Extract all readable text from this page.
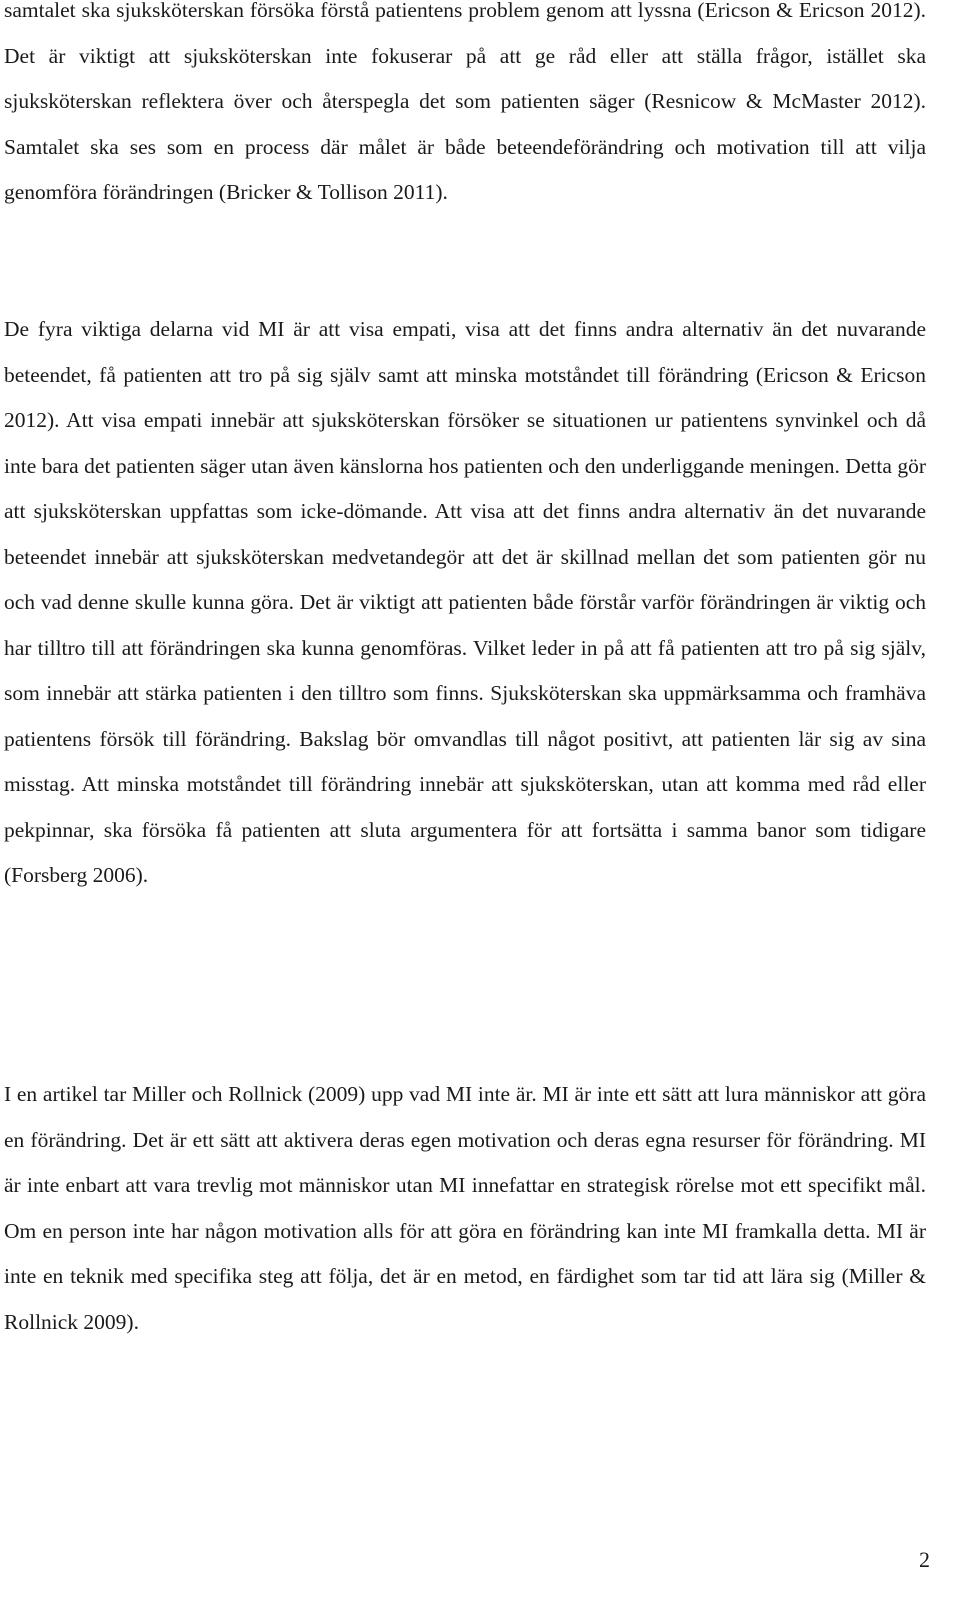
samtalet ska sjuksköterskan försöka förstå patientens problem genom att lyssna (Ericson & Ericson 2012). Det är viktigt att sjuksköterskan inte fokuserar på att ge råd eller att ställa frågor, istället ska sjuksköterskan reflektera över och återspegla det som patienten säger (Resnicow & McMaster 2012). Samtalet ska ses som en process där målet är både beteendeförändring och motivation till att vilja genomföra förändringen (Bricker & Tollison 2011).

De fyra viktiga delarna vid MI är att visa empati, visa att det finns andra alternativ än det nuvarande beteendet, få patienten att tro på sig själv samt att minska motståndet till förändring (Ericson & Ericson 2012). Att visa empati innebär att sjuksköterskan försöker se situationen ur patientens synvinkel och då inte bara det patienten säger utan även känslorna hos patienten och den underliggande meningen. Detta gör att sjuksköterskan uppfattas som icke-dömande. Att visa att det finns andra alternativ än det nuvarande beteendet innebär att sjuksköterskan medvetandegör att det är skillnad mellan det som patienten gör nu och vad denne skulle kunna göra. Det är viktigt att patienten både förstår varför förändringen är viktig och har tilltro till att förändringen ska kunna genomföras. Vilket leder in på att få patienten att tro på sig själv, som innebär att stärka patienten i den tilltro som finns. Sjuksköterskan ska uppmärksamma och framhäva patientens försök till förändring. Bakslag bör omvandlas till något positivt, att patienten lär sig av sina misstag. Att minska motståndet till förändring innebär att sjuksköterskan, utan att komma med råd eller pekpinnar, ska försöka få patienten att sluta argumentera för att fortsätta i samma banor som tidigare (Forsberg 2006).

I en artikel tar Miller och Rollnick (2009) upp vad MI inte är. MI är inte ett sätt att lura människor att göra en förändring. Det är ett sätt att aktivera deras egen motivation och deras egna resurser för förändring. MI är inte enbart att vara trevlig mot människor utan MI innefattar en strategisk rörelse mot ett specifikt mål. Om en person inte har någon motivation alls för att göra en förändring kan inte MI framkalla detta. MI är inte en teknik med specifika steg att följa, det är en metod, en färdighet som tar tid att lära sig (Miller & Rollnick 2009).

2
